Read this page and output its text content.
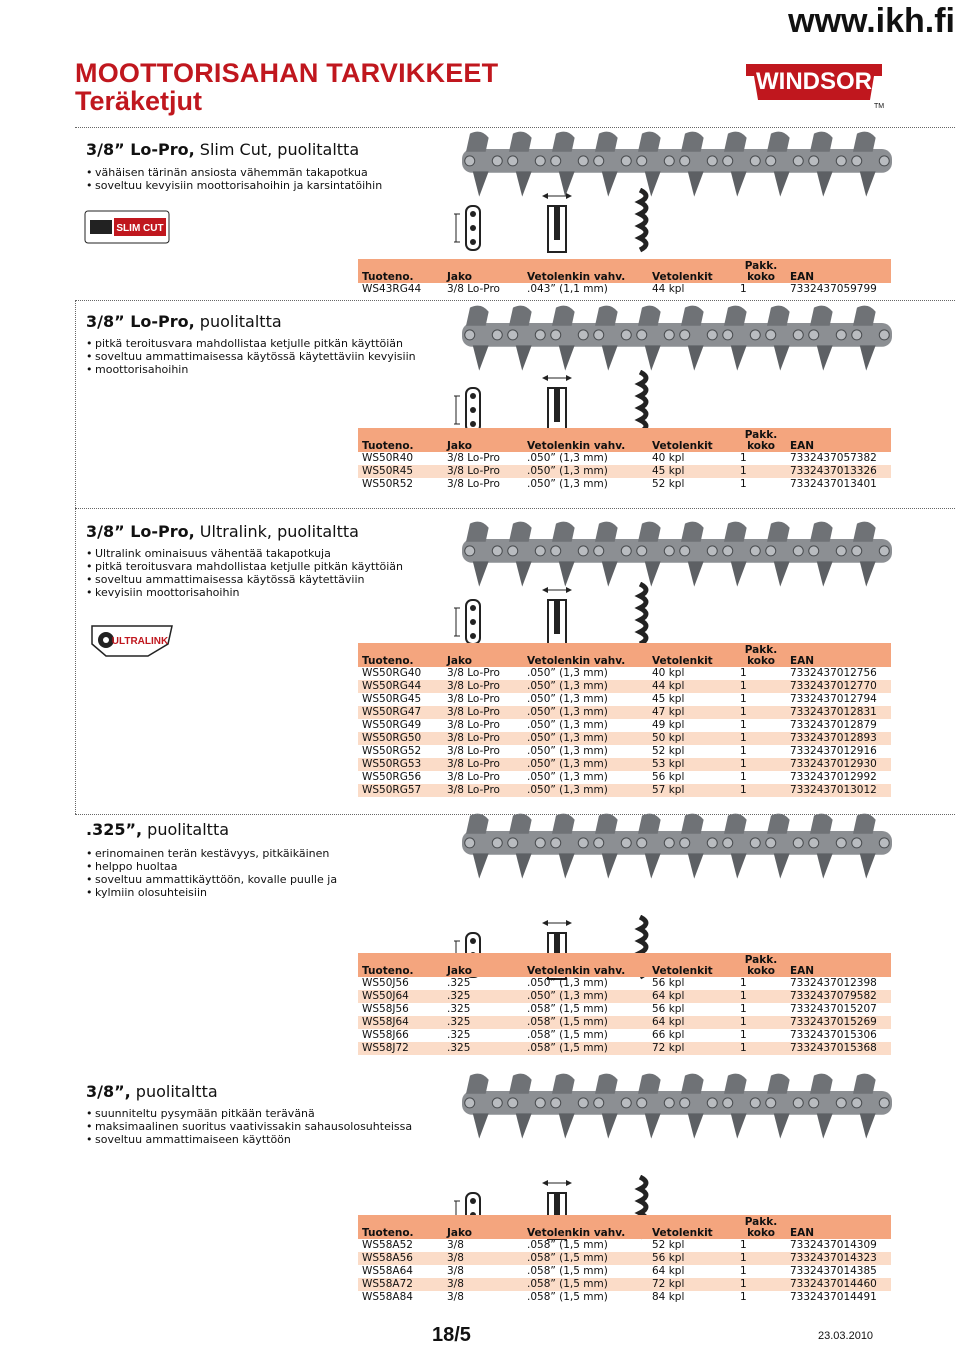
www.ikh.fi
MOOTTORISAHAN TARVIKKEET
Teräketjut
WINDSOR
TM
3/8” Lo-Pro, Slim Cut, puolitaltta
• vähäisen tärinän ansiosta vähemmän takapotkua
• soveltuu kevyisiin moottorisahoihin ja karsintatöihin
SLIM CUT
Tuoteno.	Jako	Vetolenkin vahv.	Vetolenkit	Pakk. koko	EAN
WS43RG44	3/8 Lo-Pro	.043” (1,1 mm)	44 kpl	1	7332437059799
3/8” Lo-Pro, puolitaltta
• pitkä teroitusvara mahdollistaa ketjulle pitkän käyttöiän
• soveltuu ammattimaisessa käytössä käytettäviin kevyisiin
• moottorisahoihin
Tuoteno.	Jako	Vetolenkin vahv.	Vetolenkit	Pakk. koko	EAN
WS50R40	3/8 Lo-Pro	.050” (1,3 mm)	40 kpl	1	7332437057382
WS50R45	3/8 Lo-Pro	.050” (1,3 mm)	45 kpl	1	7332437013326
WS50R52	3/8 Lo-Pro	.050” (1,3 mm)	52 kpl	1	7332437013401
3/8” Lo-Pro, Ultralink, puolitaltta
• Ultralink ominaisuus vähentää takapotkuja
• pitkä teroitusvara mahdollistaa ketjulle pitkän käyttöiän
• soveltuu ammattimaisessa käytössä käytettäviin
• kevyisiin moottorisahoihin
ULTRALINK
Tuoteno.	Jako	Vetolenkin vahv.	Vetolenkit	Pakk. koko	EAN
WS50RG40	3/8 Lo-Pro	.050” (1,3 mm)	40 kpl	1	7332437012756
WS50RG44	3/8 Lo-Pro	.050” (1,3 mm)	44 kpl	1	7332437012770
WS50RG45	3/8 Lo-Pro	.050” (1,3 mm)	45 kpl	1	7332437012794
WS50RG47	3/8 Lo-Pro	.050” (1,3 mm)	47 kpl	1	7332437012831
WS50RG49	3/8 Lo-Pro	.050” (1,3 mm)	49 kpl	1	7332437012879
WS50RG50	3/8 Lo-Pro	.050” (1,3 mm)	50 kpl	1	7332437012893
WS50RG52	3/8 Lo-Pro	.050” (1,3 mm)	52 kpl	1	7332437012916
WS50RG53	3/8 Lo-Pro	.050” (1,3 mm)	53 kpl	1	7332437012930
WS50RG56	3/8 Lo-Pro	.050” (1,3 mm)	56 kpl	1	7332437012992
WS50RG57	3/8 Lo-Pro	.050” (1,3 mm)	57 kpl	1	7332437013012
.325”, puolitaltta
• erinomainen terän kestävyys, pitkäikäinen
• helppo huoltaa
• soveltuu ammattikäyttöön, kovalle puulle ja
• kylmiin olosuhteisiin
Tuoteno.	Jako	Vetolenkin vahv.	Vetolenkit	Pakk. koko	EAN
WS50J56	.325	.050” (1,3 mm)	56 kpl	1	7332437012398
WS50J64	.325	.050” (1,3 mm)	64 kpl	1	7332437079582
WS58J56	.325	.058” (1,5 mm)	56 kpl	1	7332437015207
WS58J64	.325	.058” (1,5 mm)	64 kpl	1	7332437015269
WS58J66	.325	.058” (1,5 mm)	66 kpl	1	7332437015306
WS58J72	.325	.058” (1,5 mm)	72 kpl	1	7332437015368
3/8”, puolitaltta
• suunniteltu pysymään pitkään terävänä
• maksimaalinen suoritus vaativissakin sahausolosuhteissa
• soveltuu ammattimaiseen käyttöön
Tuoteno.	Jako	Vetolenkin vahv.	Vetolenkit	Pakk. koko	EAN
WS58A52	3/8	.058” (1,5 mm)	52 kpl	1	7332437014309
WS58A56	3/8	.058” (1,5 mm)	56 kpl	1	7332437014323
WS58A64	3/8	.058” (1,5 mm)	64 kpl	1	7332437014385
WS58A72	3/8	.058” (1,5 mm)	72 kpl	1	7332437014460
WS58A84	3/8	.058” (1,5 mm)	84 kpl	1	7332437014491
18/5	23.03.2010
